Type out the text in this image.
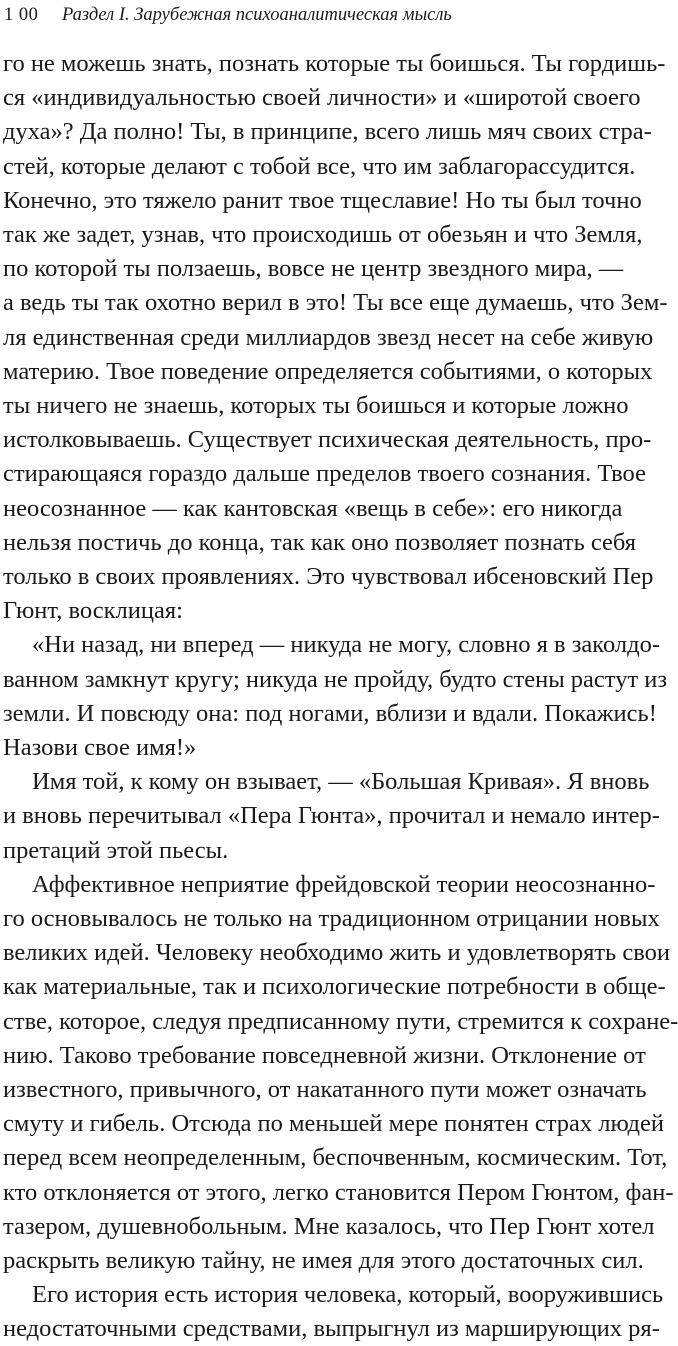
1 00 Раздел I. Зарубежная психоаналитическая мысль
го не можешь знать, познать которые ты боишься. Ты гордишь-
ся «индивидуальностью своей личности» и «широтой своего
духа»? Да полно! Ты, в принципе, всего лишь мяч своих стра-
стей, которые делают с тобой все, что им заблагорассудится.
Конечно, это тяжело ранит твое тщеславие! Но ты был точно
так же задет, узнав, что происходишь от обезьян и что Земля,
по которой ты ползаешь, вовсе не центр звездного мира, —
а ведь ты так охотно верил в это! Ты все еще думаешь, что Зем-
ля единственная среди миллиардов звезд несет на себе живую
материю. Твое поведение определяется событиями, о которых
ты ничего не знаешь, которых ты боишься и которые ложно
истолковываешь. Существует психическая деятельность, про-
стирающаяся гораздо дальше пределов твоего сознания. Твое
неосознанное — как кантовская «вещь в себе»: его никогда
нельзя постичь до конца, так как оно позволяет познать себя
только в своих проявлениях. Это чувствовал ибсеновский Пер
Гюнт, восклицая:
«Ни назад, ни вперед — никуда не могу, словно я в заколдо-
ванном замкнут кругу; никуда не пройду, будто стены растут из
земли. И повсюду она: под ногами, вблизи и вдали. Покажись!
Назови свое имя!»
Имя той, к кому он взывает, — «Большая Кривая». Я вновь
и вновь перечитывал «Пера Гюнта», прочитал и немало интер-
претаций этой пьесы.
Аффективное неприятие фрейдовской теории неосознанно-
го основывалось не только на традиционном отрицании новых
великих идей. Человеку необходимо жить и удовлетворять свои
как материальные, так и психологические потребности в обще-
стве, которое, следуя предписанному пути, стремится к сохране-
нию. Таково требование повседневной жизни. Отклонение от
известного, привычного, от накатанного пути может означать
смуту и гибель. Отсюда по меньшей мере понятен страх людей
перед всем неопределенным, беспочвенным, космическим. Тот,
кто отклоняется от этого, легко становится Пером Гюнтом, фан-
тазером, душевнобольным. Мне казалось, что Пер Гюнт хотел
раскрыть великую тайну, не имея для этого достаточных сил.
Его история есть история человека, который, вооружившись
недостаточными средствами, выпрыгнул из марширующих ря-
